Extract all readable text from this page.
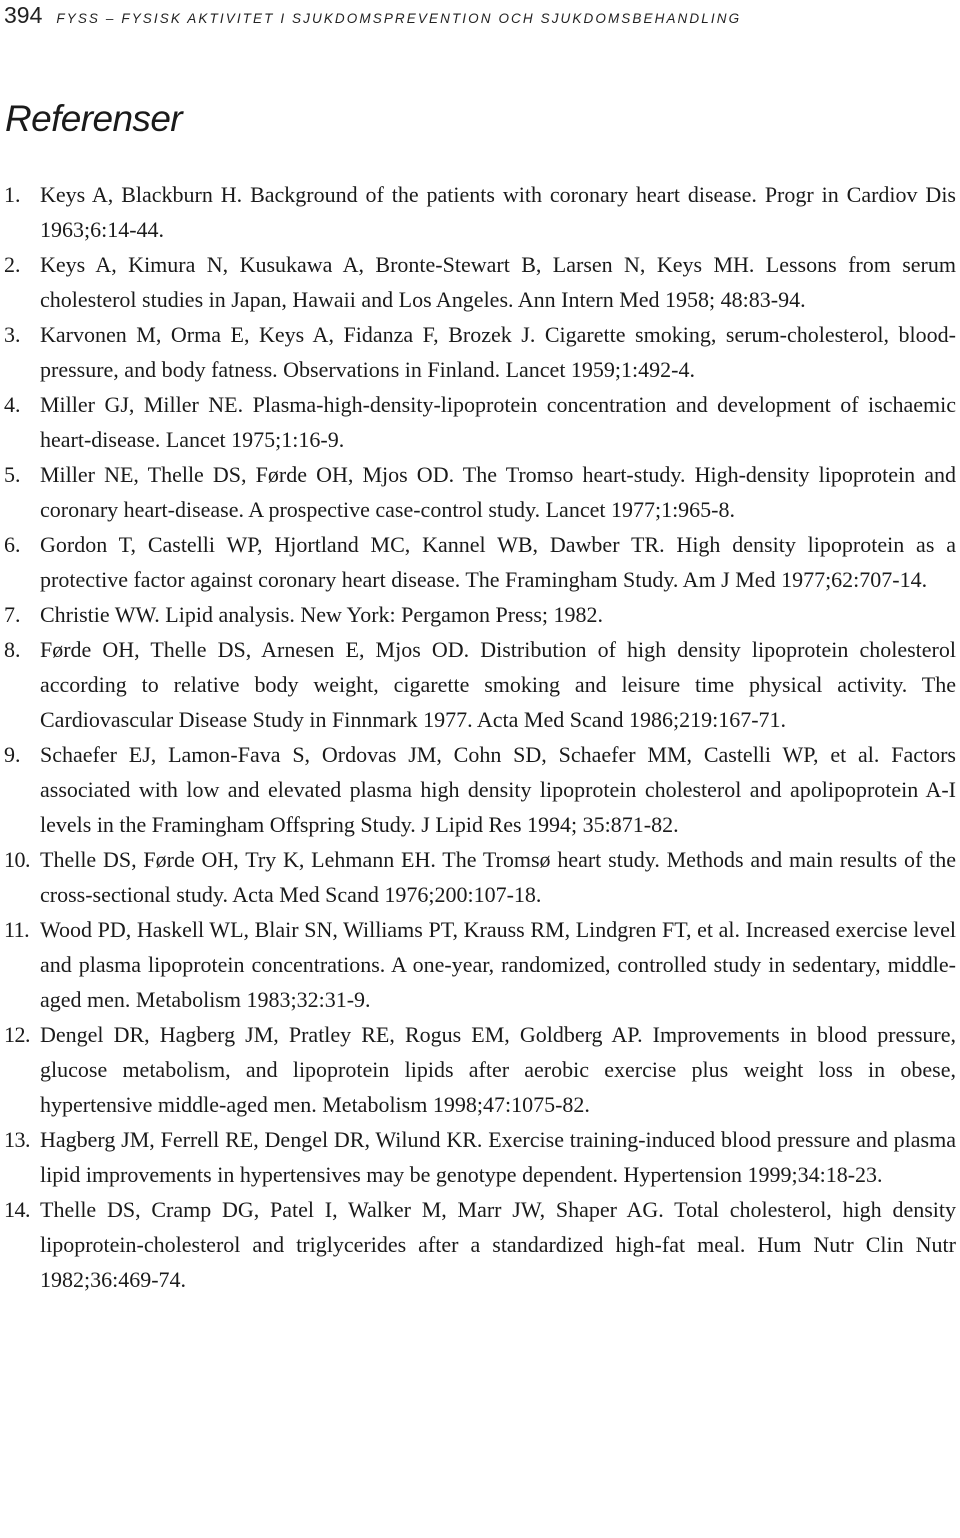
394 FYSS – FYSISK AKTIVITET I SJUKDOMSPREVENTION OCH SJUKDOMSBEHANDLING
Referenser
1. Keys A, Blackburn H. Background of the patients with coronary heart disease. Progr in Cardiov Dis 1963;6:14-44.
2. Keys A, Kimura N, Kusukawa A, Bronte-Stewart B, Larsen N, Keys MH. Lessons from serum cholesterol studies in Japan, Hawaii and Los Angeles. Ann Intern Med 1958; 48:83-94.
3. Karvonen M, Orma E, Keys A, Fidanza F, Brozek J. Cigarette smoking, serum-cholesterol, blood-pressure, and body fatness. Observations in Finland. Lancet 1959;1:492-4.
4. Miller GJ, Miller NE. Plasma-high-density-lipoprotein concentration and development of ischaemic heart-disease. Lancet 1975;1:16-9.
5. Miller NE, Thelle DS, Førde OH, Mjos OD. The Tromso heart-study. High-density lipoprotein and coronary heart-disease. A prospective case-control study. Lancet 1977;1:965-8.
6. Gordon T, Castelli WP, Hjortland MC, Kannel WB, Dawber TR. High density lipoprotein as a protective factor against coronary heart disease. The Framingham Study. Am J Med 1977;62:707-14.
7. Christie WW. Lipid analysis. New York: Pergamon Press; 1982.
8. Førde OH, Thelle DS, Arnesen E, Mjos OD. Distribution of high density lipoprotein cholesterol according to relative body weight, cigarette smoking and leisure time physical activity. The Cardiovascular Disease Study in Finnmark 1977. Acta Med Scand 1986;219:167-71.
9. Schaefer EJ, Lamon-Fava S, Ordovas JM, Cohn SD, Schaefer MM, Castelli WP, et al. Factors associated with low and elevated plasma high density lipoprotein cholesterol and apolipoprotein A-I levels in the Framingham Offspring Study. J Lipid Res 1994; 35:871-82.
10. Thelle DS, Førde OH, Try K, Lehmann EH. The Tromsø heart study. Methods and main results of the cross-sectional study. Acta Med Scand 1976;200:107-18.
11. Wood PD, Haskell WL, Blair SN, Williams PT, Krauss RM, Lindgren FT, et al. Increased exercise level and plasma lipoprotein concentrations. A one-year, randomized, controlled study in sedentary, middle-aged men. Metabolism 1983;32:31-9.
12. Dengel DR, Hagberg JM, Pratley RE, Rogus EM, Goldberg AP. Improvements in blood pressure, glucose metabolism, and lipoprotein lipids after aerobic exercise plus weight loss in obese, hypertensive middle-aged men. Metabolism 1998;47:1075-82.
13. Hagberg JM, Ferrell RE, Dengel DR, Wilund KR. Exercise training-induced blood pressure and plasma lipid improvements in hypertensives may be genotype dependent. Hypertension 1999;34:18-23.
14. Thelle DS, Cramp DG, Patel I, Walker M, Marr JW, Shaper AG. Total cholesterol, high density lipoprotein-cholesterol and triglycerides after a standardized high-fat meal. Hum Nutr Clin Nutr 1982;36:469-74.
